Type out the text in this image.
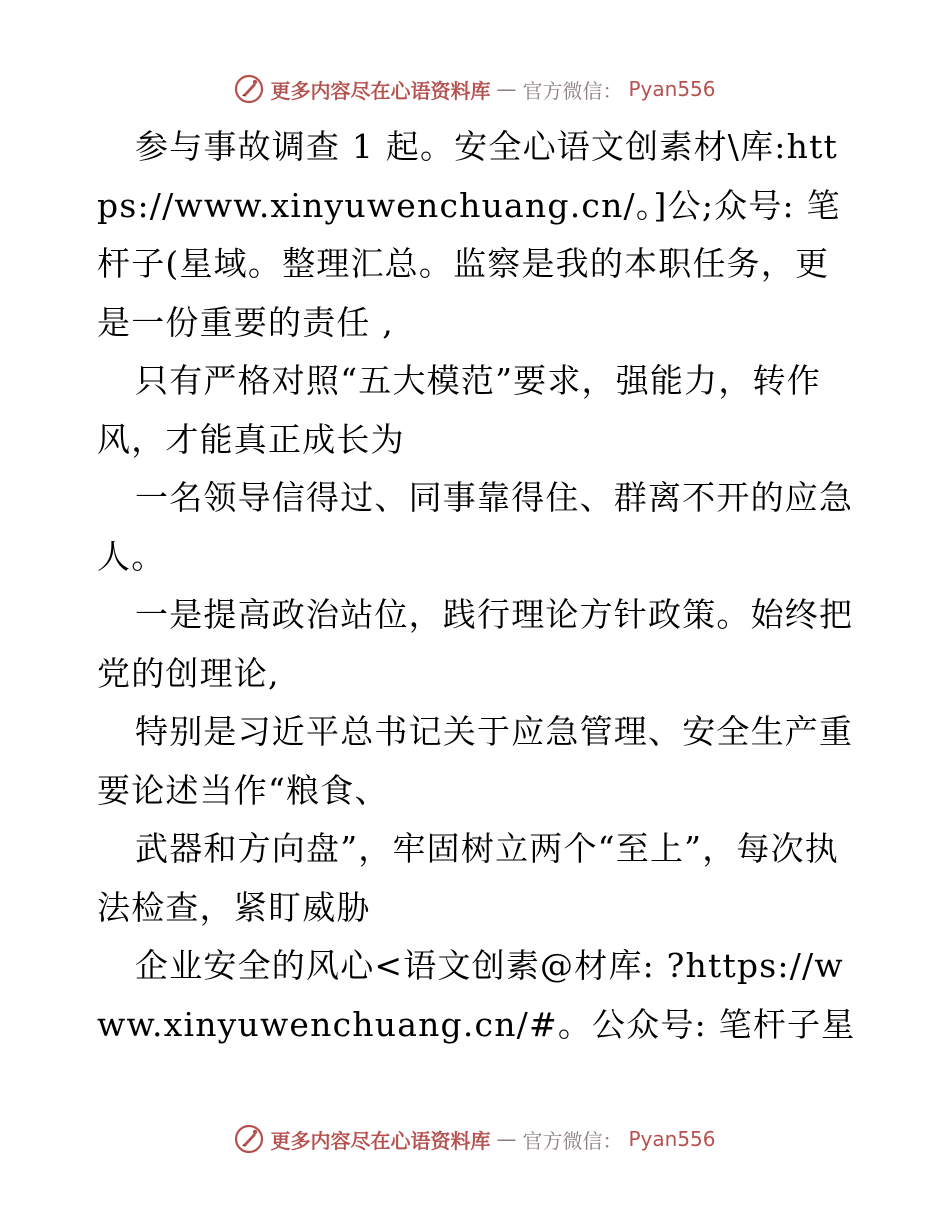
更多内容尽在心语资料库 — 官方微信： Pyan556

参与事故调查 1 起。安全心语文创素材\库:https://www.xinyuwenchuang.cn/。]公;众号: 笔杆子(星域。整理汇总。监察是我的本职任务，更是一份重要的责任 ,

只有严格对照“五大模范”要求，强能力，转作风，才能真正成长为

一名领导信得过、同事靠得住、群离不开的应急人。

一是提高政治站位，践行理论方针政策。始终把党的创理论,

特别是习近平总书记关于应急管理、安全生产重要论述当作“粮食、

武器和方向盘”，牢固树立两个“至上”，每次执法检查，紧盯威胁

企业安全的风心<语文创素@材库: ?https://www.xinyuwenchuang.cn/#。公众号: 笔杆子星

更多内容尽在心语资料库 — 官方微信： Pyan556
